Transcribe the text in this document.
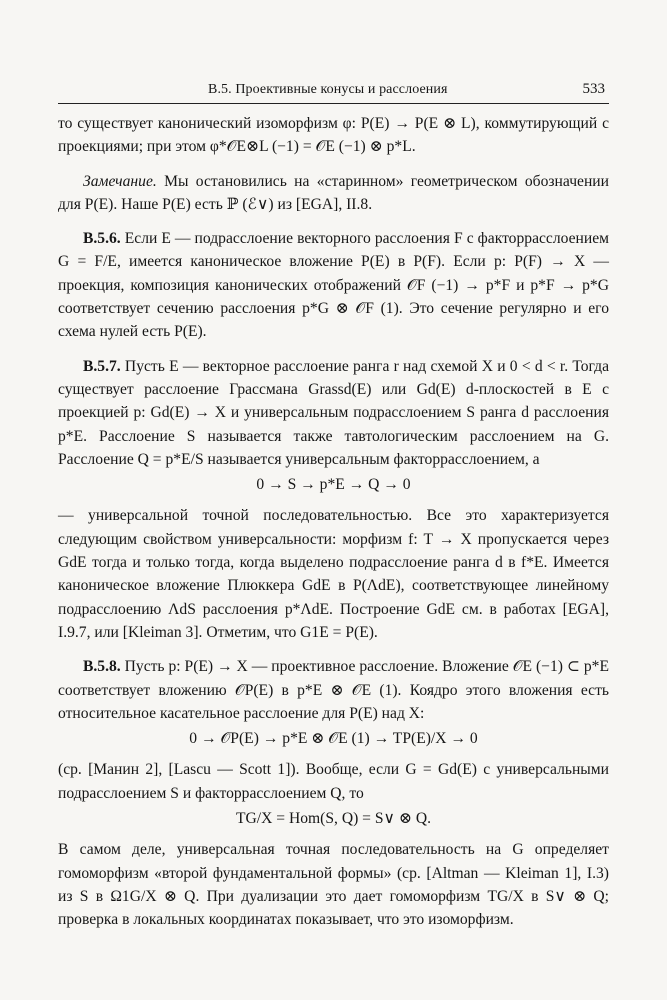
В.5. Проективные конусы и расслоения	533

то существует канонический изоморфизм φ: P(E) → P(E ⊗ L), коммутирующий с проекциями; при этом φ*𝒪E⊗L (−1) = 𝒪E (−1) ⊗ p*L.

Замечание. Мы остановились на «старинном» геометрическом обозначении для P(E). Наше P(E) есть ℙ (ℰ∨) из [EGA], II.8.

В.5.6. Если E — подрасслоение векторного расслоения F с факторрасслоением G = F/E, имеется каноническое вложение P(E) в P(F). Если p: P(F) → X — проекция, композиция канонических отображений 𝒪F (−1) → p*F и p*F → p*G соответствует сечению расслоения p*G ⊗ 𝒪F (1). Это сечение регулярно и его схема нулей есть P(E).

В.5.7. Пусть E — векторное расслоение ранга r над схемой X и 0 < d < r. Тогда существует расслоение Грассмана Grassd(E) или Gd(E) d-плоскостей в E с проекцией p: Gd(E) → X и универсальным подрасслоением S ранга d расслоения p*E. Расслоение S называется также тавтологическим расслоением на G. Расслоение Q = p*E/S называется универсальным факторрасслоением, а

0 → S → p*E → Q → 0

— универсальной точной последовательностью. Все это характеризуется следующим свойством универсальности: морфизм f: T → X пропускается через GdE тогда и только тогда, когда выделено подрасслоение ранга d в f*E. Имеется каноническое вложение Плюккера GdE в P(ΛdE), соответствующее линейному подрасслоению ΛdS расслоения p*ΛdE. Построение GdE см. в работах [EGA], I.9.7, или [Kleiman 3]. Отметим, что G1E = P(E).

В.5.8. Пусть p: P(E) → X — проективное расслоение. Вложение 𝒪E (−1) ⊂ p*E соответствует вложению 𝒪P(E) в p*E ⊗ 𝒪E (1). Коядро этого вложения есть относительное касательное расслоение для P(E) над X:

0 → 𝒪P(E) → p*E ⊗ 𝒪E (1) → TP(E)/X → 0

(ср. [Манин 2], [Lascu — Scott 1]). Вообще, если G = Gd(E) с универсальными подрасслоением S и факторрасслоением Q, то

TG/X = Hom(S, Q) = S∨ ⊗ Q.

В самом деле, универсальная точная последовательность на G определяет гомоморфизм «второй фундаментальной формы» (ср. [Altman — Kleiman 1], I.3) из S в Ω1G/X ⊗ Q. При дуализации это дает гомоморфизм TG/X в S∨ ⊗ Q; проверка в локальных координатах показывает, что это изоморфизм.
